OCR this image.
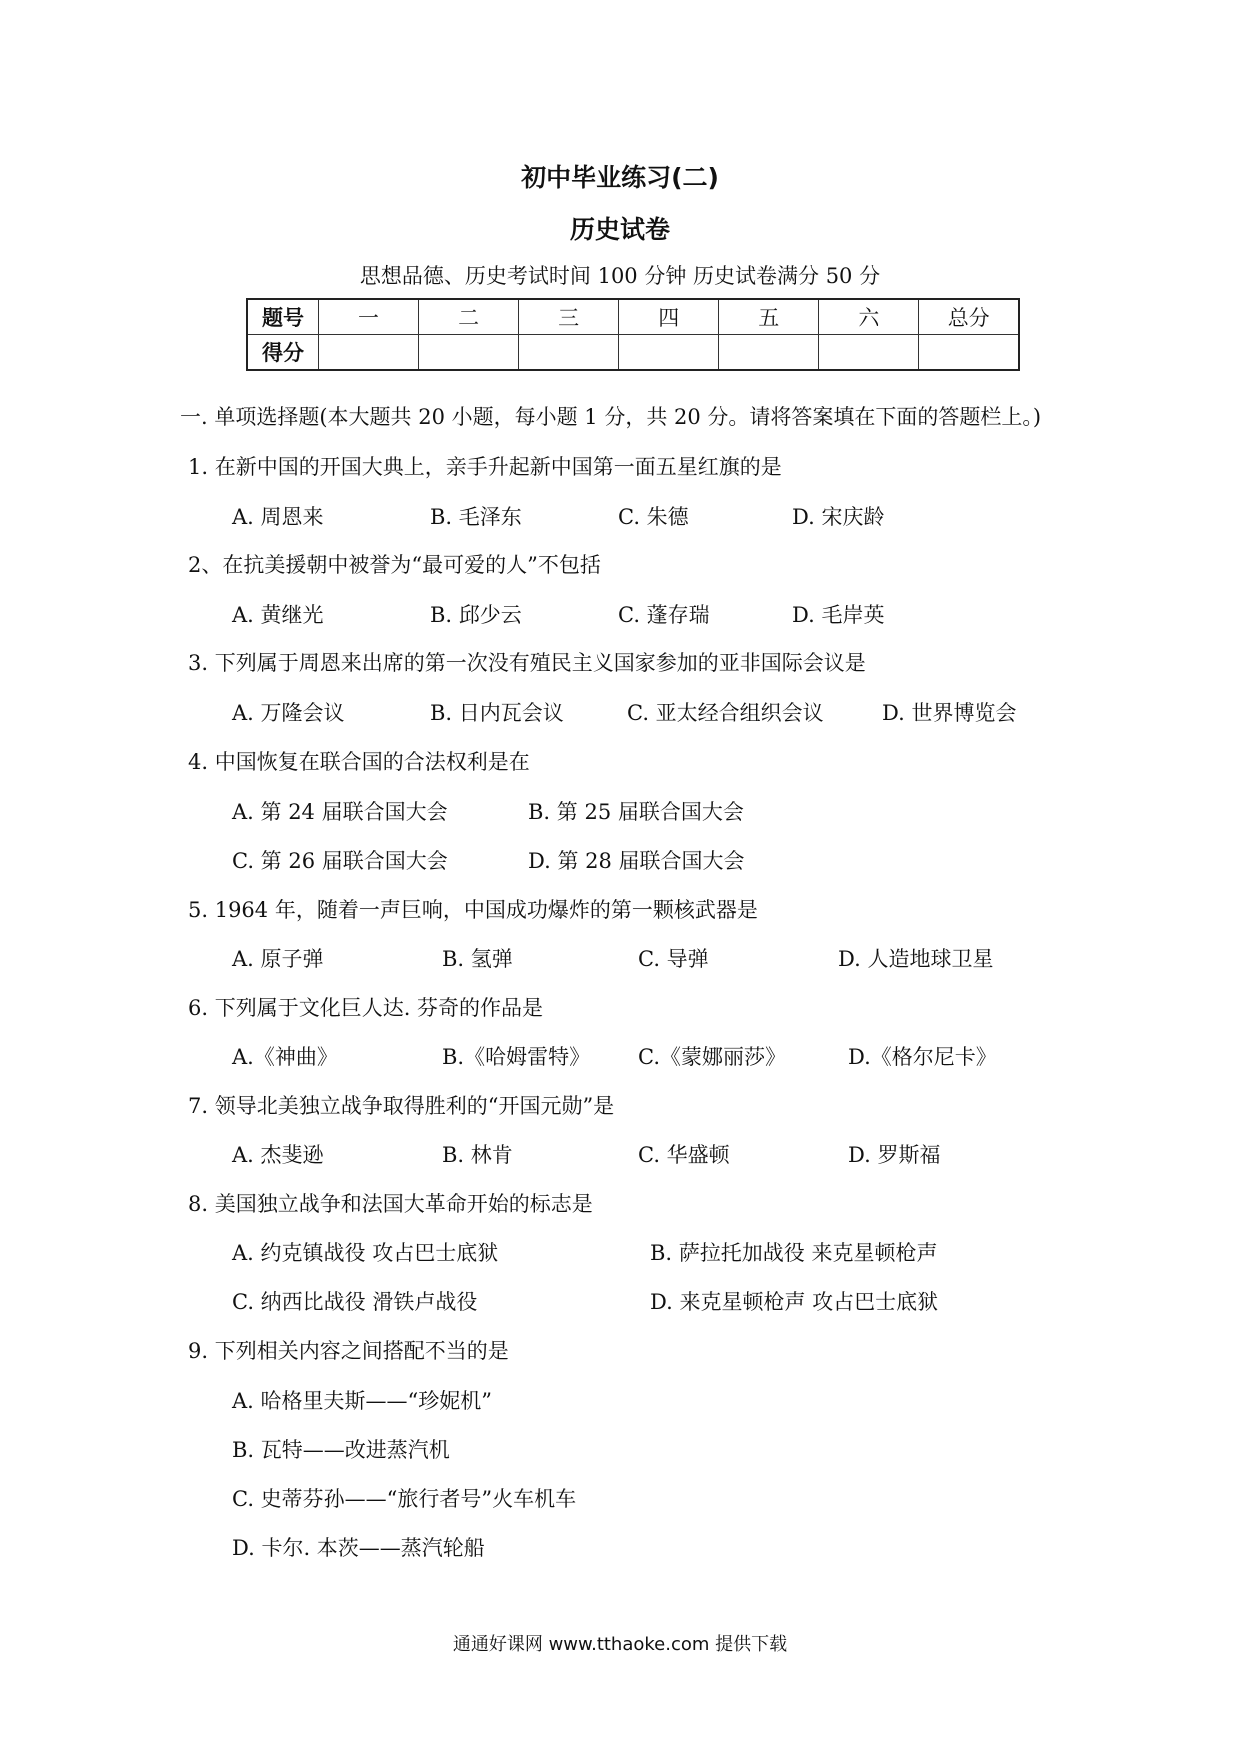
初中毕业练习(二)
历史试卷
思想品德、历史考试时间 100 分钟 历史试卷满分 50 分
题号	一	二	三	四	五	六	总分
得分							
一. 单项选择题(本大题共 20 小题，每小题 1 分，共 20 分。请将答案填在下面的答题栏上。)
1. 在新中国的开国大典上，亲手升起新中国第一面五星红旗的是
A. 周恩来	B. 毛泽东	C. 朱德	D. 宋庆龄
2、在抗美援朝中被誉为“最可爱的人”不包括
A. 黄继光	B. 邱少云	C. 蓬存瑞	D. 毛岸英
3. 下列属于周恩来出席的第一次没有殖民主义国家参加的亚非国际会议是
A. 万隆会议	B. 日内瓦会议	C. 亚太经合组织会议	D. 世界博览会
4. 中国恢复在联合国的合法权利是在
A. 第 24 届联合国大会	B. 第 25 届联合国大会
C. 第 26 届联合国大会	D. 第 28 届联合国大会
5. 1964 年，随着一声巨响，中国成功爆炸的第一颗核武器是
A. 原子弹	B. 氢弹	C. 导弹	D. 人造地球卫星
6. 下列属于文化巨人达. 芬奇的作品是
A.《神曲》	B.《哈姆雷特》 C.《蒙娜丽莎》	D.《格尔尼卡》
7. 领导北美独立战争取得胜利的“开国元勋”是
A. 杰斐逊	B. 林肯	C. 华盛顿	D. 罗斯福
8. 美国独立战争和法国大革命开始的标志是
A. 约克镇战役 攻占巴士底狱	B. 萨拉托加战役 来克星顿枪声
C. 纳西比战役 滑铁卢战役	D. 来克星顿枪声 攻占巴士底狱
9. 下列相关内容之间搭配不当的是
A. 哈格里夫斯——“珍妮机”
B. 瓦特——改进蒸汽机
C. 史蒂芬孙——“旅行者号”火车机车
D. 卡尔. 本茨——蒸汽轮船
通通好课网 www.tthaoke.com 提供下载
